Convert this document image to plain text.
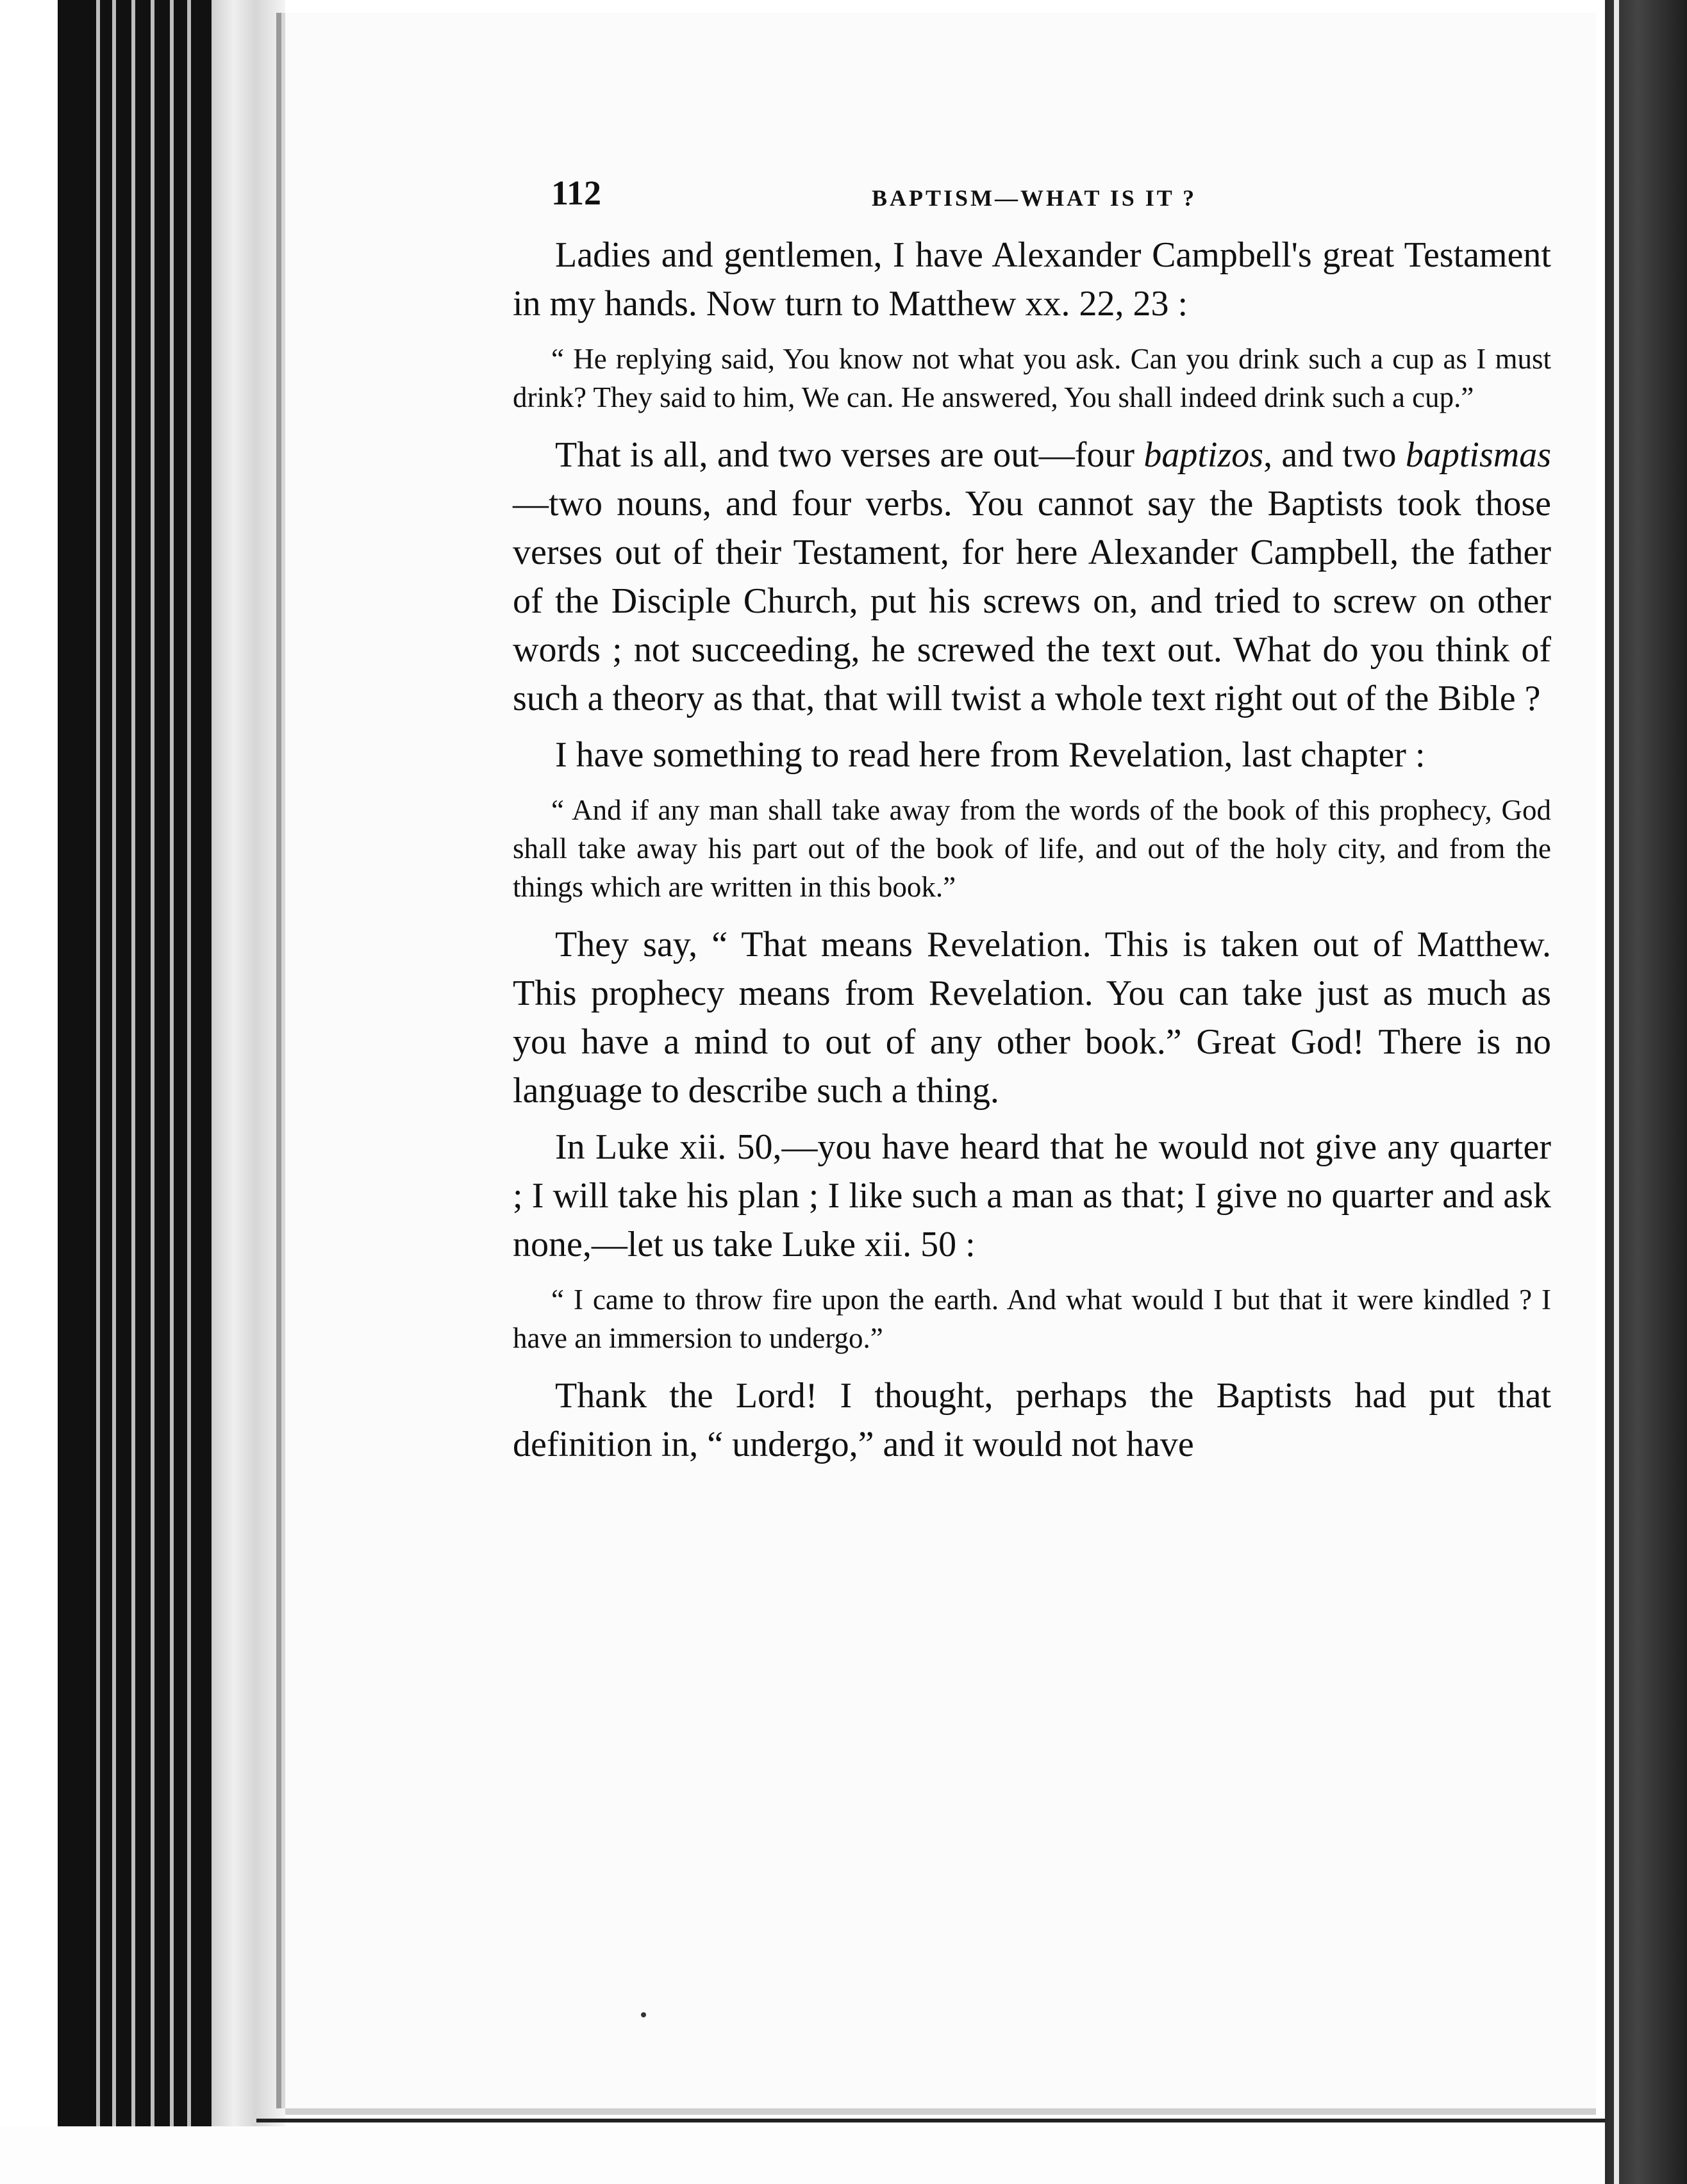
112	BAPTISM—WHAT IS IT ?

Ladies and gentlemen, I have Alexander Campbell's great Testament in my hands. Now turn to Matthew xx. 22, 23 :

“ He replying said, You know not what you ask. Can you drink such a cup as I must drink? They said to him, We can. He answered, You shall indeed drink such a cup.”

That is all, and two verses are out—four baptizos, and two baptismas—two nouns, and four verbs. You cannot say the Baptists took those verses out of their Testament, for here Alexander Campbell, the father of the Disciple Church, put his screws on, and tried to screw on other words ; not succeeding, he screwed the text out. What do you think of such a theory as that, that will twist a whole text right out of the Bible ?

I have something to read here from Revelation, last chapter :

“ And if any man shall take away from the words of the book of this prophecy, God shall take away his part out of the book of life, and out of the holy city, and from the things which are written in this book.”

They say, “ That means Revelation. This is taken out of Matthew. This prophecy means from Revelation. You can take just as much as you have a mind to out of any other book.” Great God! There is no language to describe such a thing.

In Luke xii. 50,—you have heard that he would not give any quarter ; I will take his plan ; I like such a man as that; I give no quarter and ask none,—let us take Luke xii. 50 :

“ I came to throw fire upon the earth. And what would I but that it were kindled ? I have an immersion to undergo.”

Thank the Lord! I thought, perhaps the Baptists had put that definition in, “ undergo,” and it would not have
